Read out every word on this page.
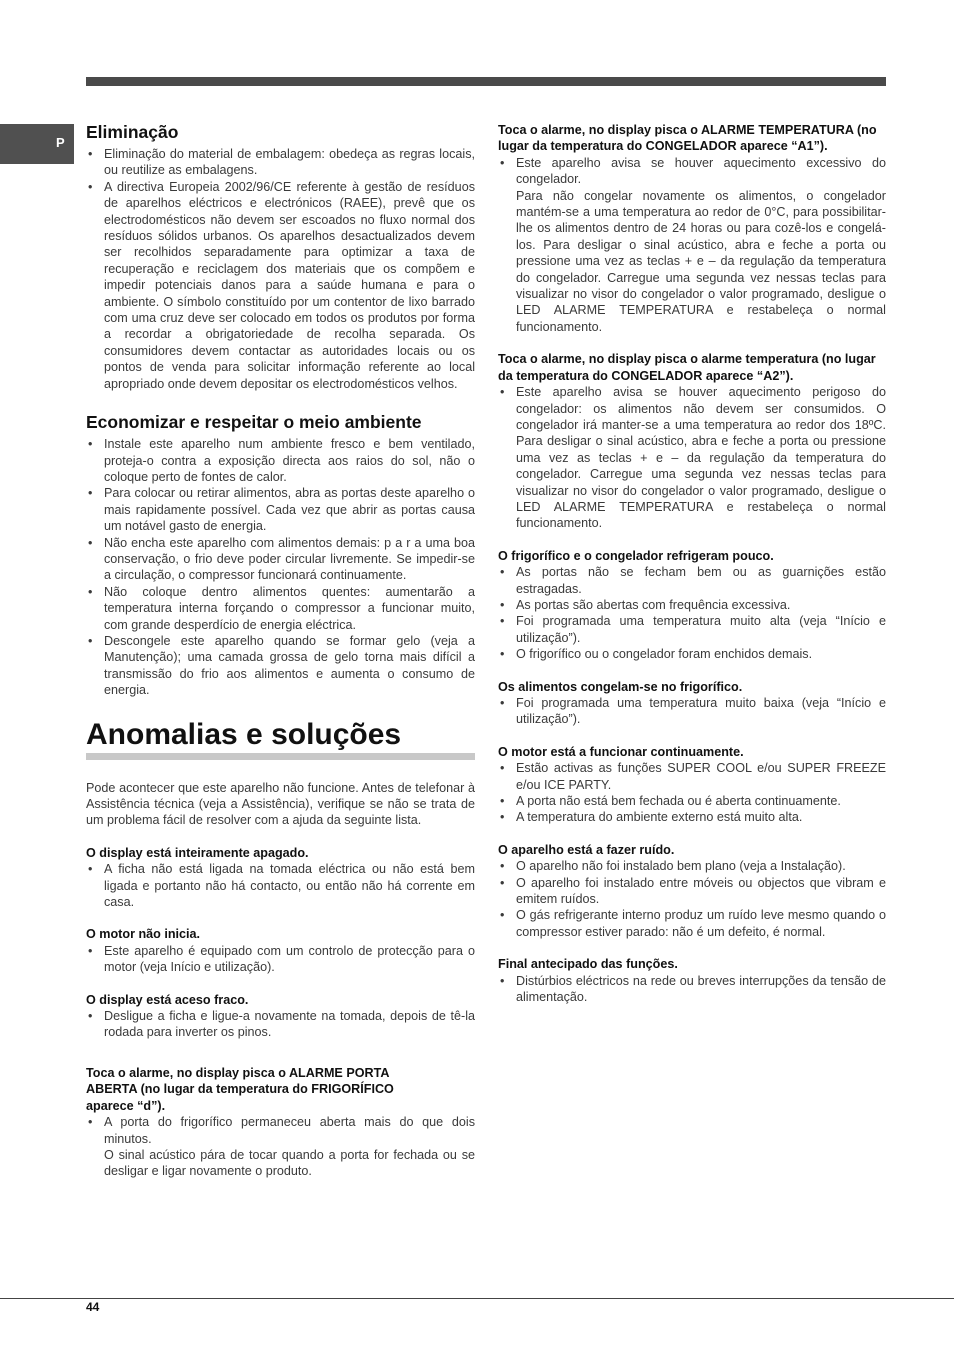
P
Eliminação
• Eliminação do material de embalagem: obedeça as regras locais, ou reutilize as embalagens.
• A directiva Europeia 2002/96/CE referente à gestão de resíduos de aparelhos eléctricos e electrónicos (RAEE), prevê que os electrodomésticos não devem ser escoados no fluxo normal dos resíduos sólidos urbanos. Os aparelhos desactualizados devem ser recolhidos separadamente para optimizar a taxa de recuperação e reciclagem dos materiais que os compõem e impedir potenciais danos para a saúde humana e para o ambiente. O símbolo constituído por um contentor de lixo barrado com uma cruz deve ser colocado em todos os produtos por forma a recordar a obrigatoriedade de recolha separada. Os consumidores devem contactar as autoridades locais ou os pontos de venda para solicitar informação referente ao local apropriado onde devem depositar os electrodomésticos velhos.
Economizar e respeitar o meio ambiente
• Instale este aparelho num ambiente fresco e bem ventilado, proteja-o contra a exposição directa aos raios do sol, não o coloque perto de fontes de calor.
• Para colocar ou retirar alimentos, abra as portas deste aparelho o mais rapidamente possível. Cada vez que abrir as portas causa um notável gasto de energia.
• Não encha este aparelho com alimentos demais: p a r a uma boa conservação, o frio deve poder circular livremente. Se impedir-se a circulação, o compressor funcionará continuamente.
• Não coloque dentro alimentos quentes: aumentarão a temperatura interna forçando o compressor a funcionar muito, com grande desperdício de energia eléctrica.
• Descongele este aparelho quando se formar gelo (veja a Manutenção); uma camada grossa de gelo torna mais difícil a transmissão do frio aos alimentos e aumenta o consumo de energia.
Anomalias e soluções

Pode acontecer que este aparelho não funcione. Antes de telefonar à Assistência técnica (veja a Assistência), verifique se não se trata de um problema fácil de resolver com a ajuda da seguinte lista.

O display está inteiramente apagado.

• A ficha não está ligada na tomada eléctrica ou não está bem ligada e portanto não há contacto, ou então não há corrente em casa.

O motor não inicia.

• Este aparelho é equipado com um controlo de protecção para o motor (veja Início e utilização).

O display está aceso fraco.

• Desligue a ficha e ligue-a novamente na tomada, depois de tê-la rodada para inverter os pinos.

Toca o alarme, no display pisca o ALARME PORTA ABERTA (no lugar da temperatura do FRIGORÍFICO aparece “d”).

• A porta do frigorífico permaneceu aberta mais do que dois minutos.
O sinal acústico pára de tocar quando a porta for fechada ou se desligar e ligar novamente o produto.

Toca o alarme, no display pisca o ALARME TEMPERATURA (no lugar da temperatura do CONGELADOR aparece “A1”).

• Este aparelho avisa se houver aquecimento excessivo do congelador.
Para não congelar novamente os alimentos, o congelador mantém-se a uma temperatura ao redor de 0°C, para possibilitar-lhe os alimentos dentro de 24 horas ou para cozê-los e congelá-los. Para desligar o sinal acústico, abra e feche a porta ou pressione uma vez as teclas + e – da regulação da temperatura do congelador. Carregue uma segunda vez nessas teclas para visualizar no visor do congelador o valor programado, desligue o LED ALARME TEMPERATURA e restabeleça o normal funcionamento.

Toca o alarme, no display pisca o alarme temperatura (no lugar da temperatura do CONGELADOR aparece “A2”).

• Este aparelho avisa se houver aquecimento perigoso do congelador: os alimentos não devem ser consumidos. O congelador irá manter-se a uma temperatura ao redor dos 18ºC. Para desligar o sinal acústico, abra e feche a porta ou pressione uma vez as teclas + e – da regulação da temperatura do congelador. Carregue uma segunda vez nessas teclas para visualizar no visor do congelador o valor programado, desligue o LED ALARME TEMPERATURA e restabeleça o normal funcionamento.

O frigorífico e o congelador refrigeram pouco.

• As portas não se fecham bem ou as guarnições estão estragadas.
• As portas são abertas com frequência excessiva.
• Foi programada uma temperatura muito alta (veja “Início e utilização”).
• O frigorífico ou o congelador foram enchidos demais.

Os alimentos congelam-se no frigorífico.

• Foi programada uma temperatura muito baixa (veja “Início e utilização”).

O motor está a funcionar continuamente.

• Estão activas as funções SUPER COOL e/ou SUPER FREEZE e/ou ICE PARTY.
• A porta não está bem fechada ou é aberta continuamente.
• A temperatura do ambiente externo está muito alta.

O aparelho está a fazer ruído.

• O aparelho não foi instalado bem plano (veja a Instalação).
• O aparelho foi instalado entre móveis ou objectos que vibram e emitem ruídos.
• O gás refrigerante interno produz um ruído leve mesmo quando o compressor estiver parado: não é um defeito, é normal.

Final antecipado das funções.

• Distúrbios eléctricos na rede ou breves interrupções da tensão de alimentação.
44
